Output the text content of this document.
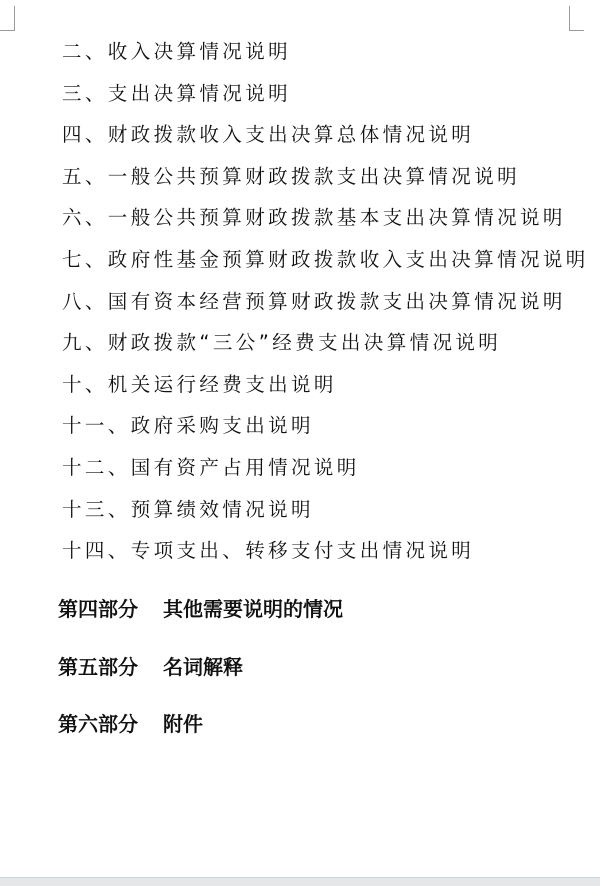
二、收入决算情况说明
三、支出决算情况说明
四、财政拨款收入支出决算总体情况说明
五、一般公共预算财政拨款支出决算情况说明
六、一般公共预算财政拨款基本支出决算情况说明
七、政府性基金预算财政拨款收入支出决算情况说明
八、国有资本经营预算财政拨款支出决算情况说明
九、财政拨款“三公”经费支出决算情况说明
十、机关运行经费支出说明
十一、政府采购支出说明
十二、国有资产占用情况说明
十三、预算绩效情况说明
十四、专项支出、转移支付支出情况说明
第四部分 其他需要说明的情况
第五部分 名词解释
第六部分 附件
